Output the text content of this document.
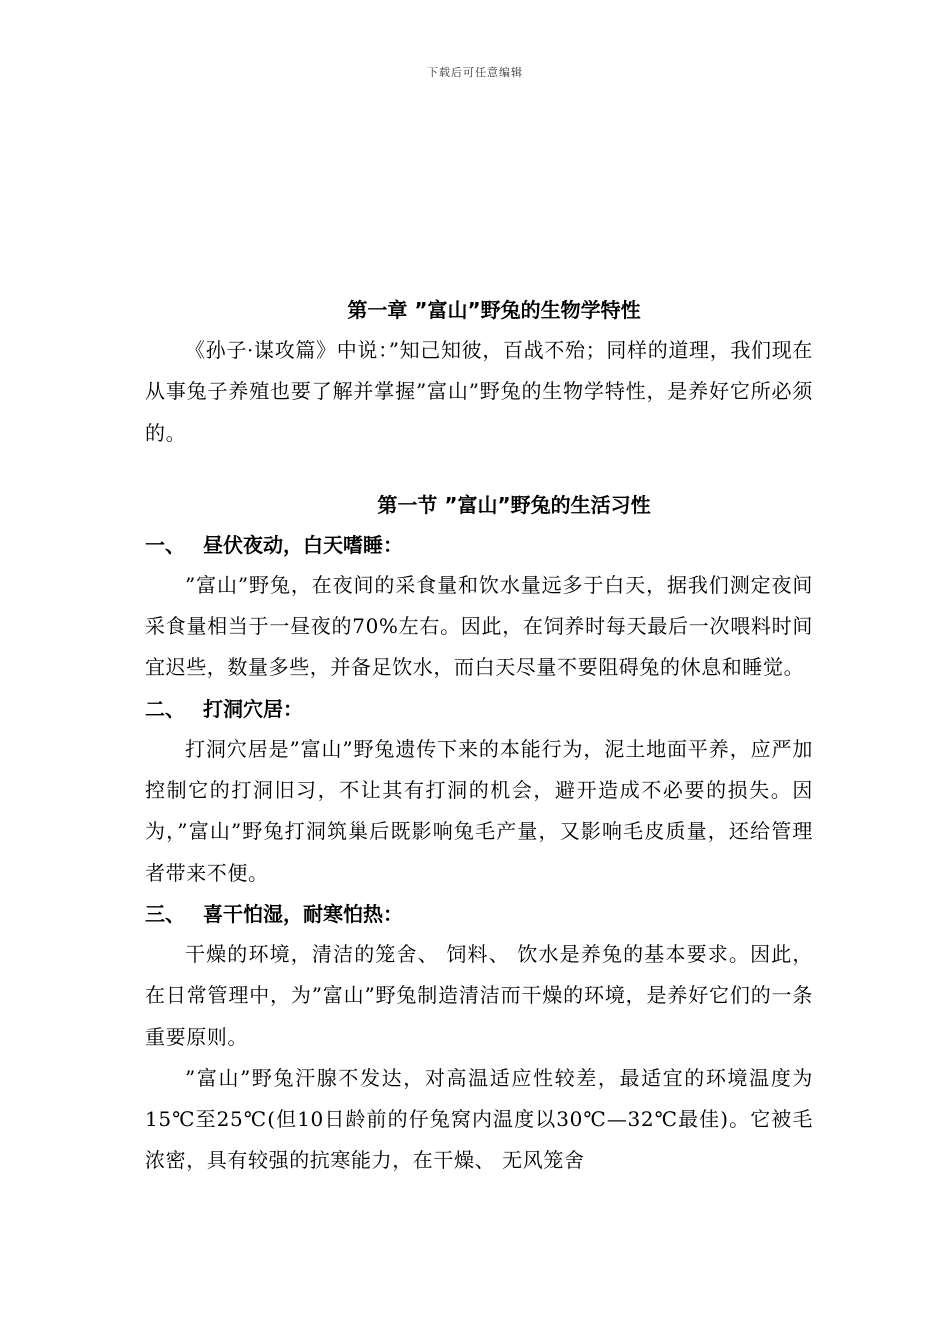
下载后可任意编辑
第一章 ”富山”野兔的生物学特性

《孙子·谋攻篇》中说：”知己知彼，百战不殆；同样的道理，我们现在从事兔子养殖也要了解并掌握”富山”野兔的生物学特性，是养好它所必须的。

第一节 ”富山”野兔的生活习性
一、 昼伏夜动，白天嗜睡：

”富山”野兔，在夜间的采食量和饮水量远多于白天，据我们测定夜间采食量相当于一昼夜的70%左右。因此，在饲养时每天最后一次喂料时间宜迟些，数量多些，并备足饮水，而白天尽量不要阻碍兔的休息和睡觉。

二、 打洞穴居：

打洞穴居是”富山”野兔遗传下来的本能行为，泥土地面平养，应严加控制它的打洞旧习，不让其有打洞的机会，避开造成不必要的损失。因为，”富山”野兔打洞筑巢后既影响兔毛产量，又影响毛皮质量，还给管理者带来不便。

三、 喜干怕湿，耐寒怕热：

干燥的环境，清洁的笼舍、 饲料、 饮水是养兔的基本要求。因此，在日常管理中，为”富山”野兔制造清洁而干燥的环境，是养好它们的一条重要原则。

”富山”野兔汗腺不发达，对高温适应性较差，最适宜的环境温度为15℃至25℃(但10日龄前的仔兔窝内温度以30℃—32℃最佳)。它被毛浓密，具有较强的抗寒能力，在干燥、 无风笼舍
